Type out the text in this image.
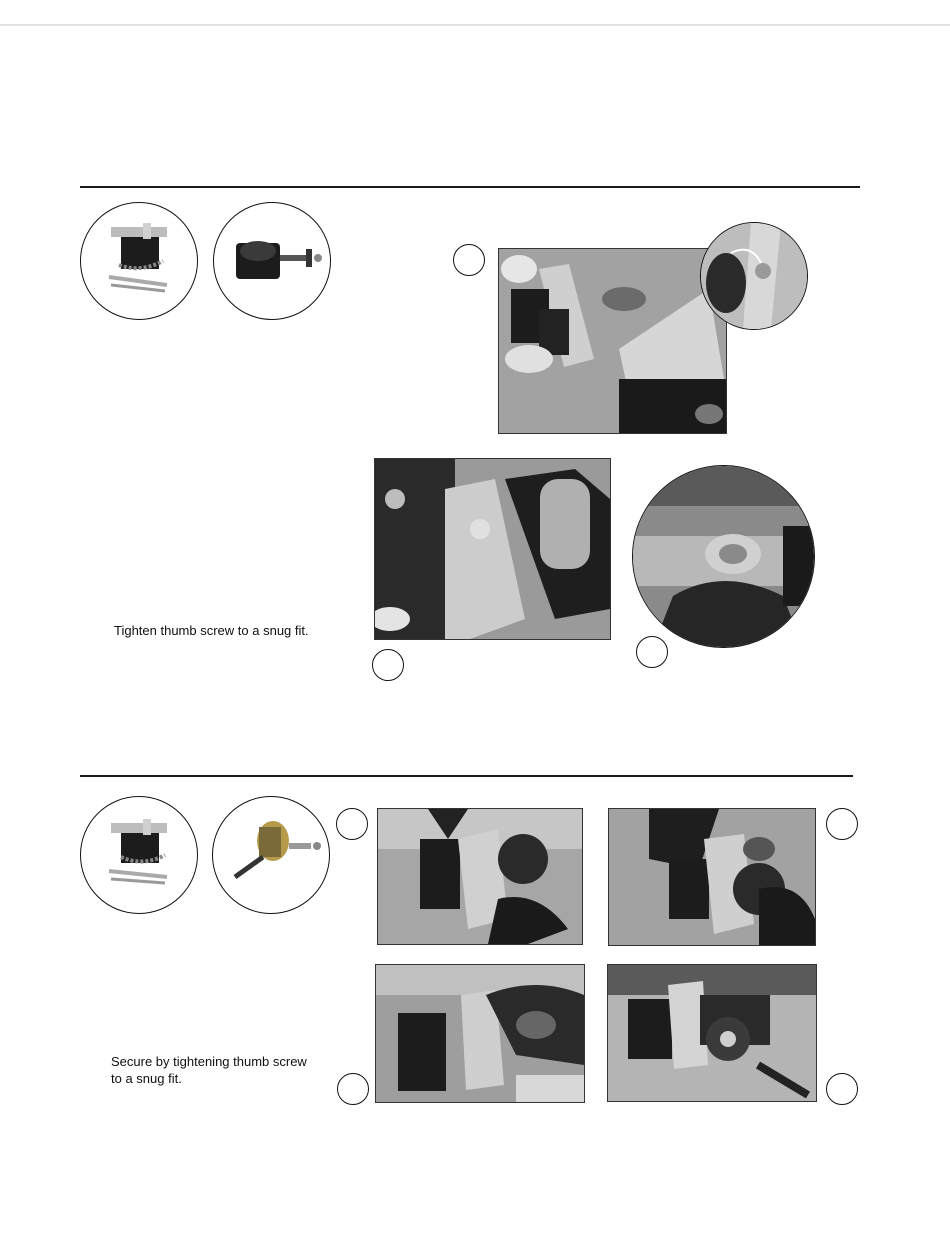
Tighten thumb screw to a snug fit.
Secure by tightening thumb screw
to a snug fit.
